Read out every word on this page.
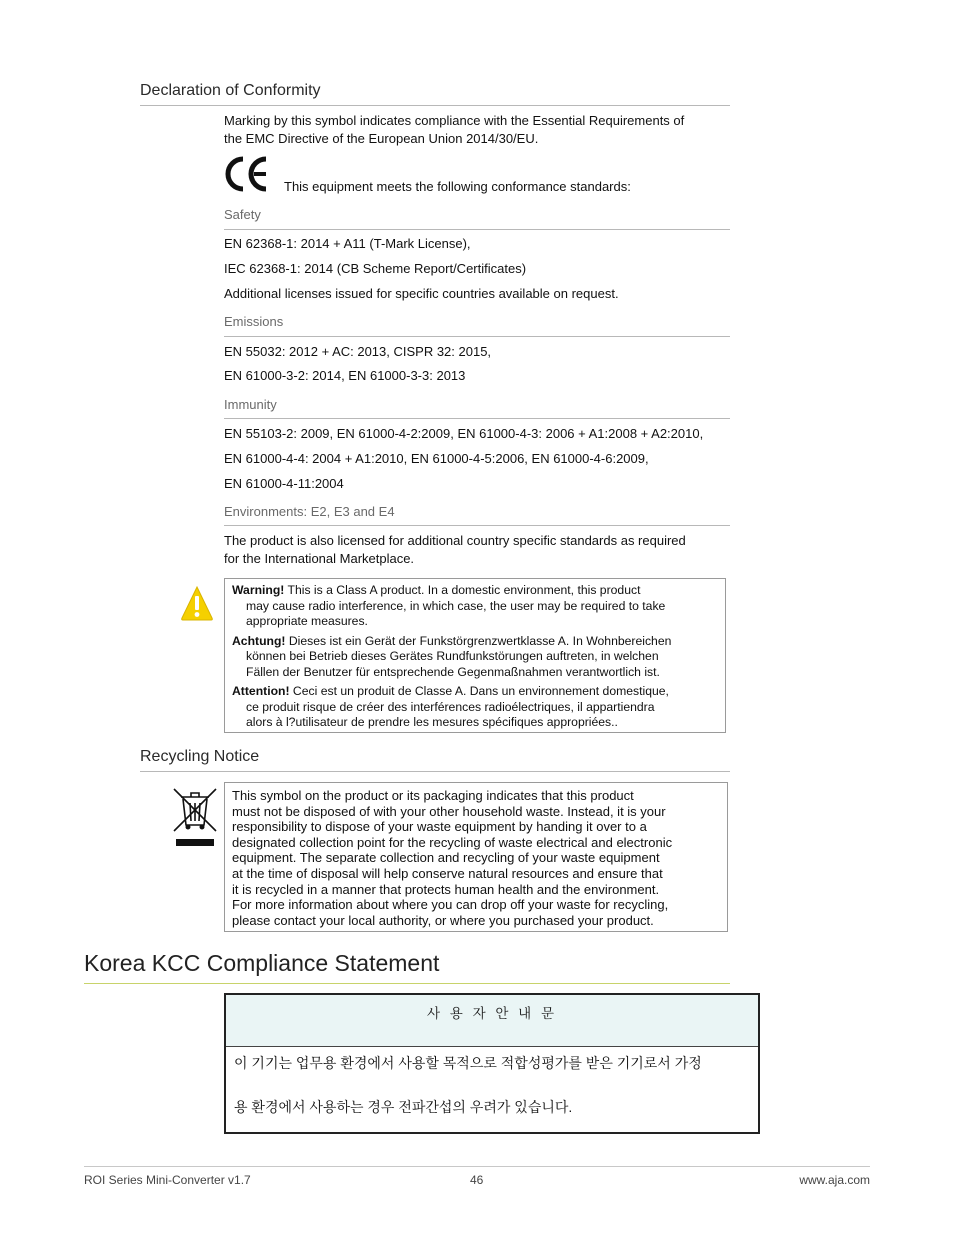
Declaration of Conformity
Marking by this symbol indicates compliance with the Essential Requirements of
the EMC Directive of the European Union 2014/30/EU.
This equipment meets the following conformance standards:
Safety
EN 62368-1: 2014 + A11 (T-Mark License),
IEC 62368-1: 2014 (CB Scheme Report/Certificates)
Additional licenses issued for specific countries available on request.
Emissions
EN 55032: 2012 + AC: 2013, CISPR 32: 2015,
EN 61000-3-2: 2014, EN 61000-3-3: 2013
Immunity
EN 55103-2: 2009, EN 61000-4-2:2009, EN 61000-4-3: 2006 + A1:2008 + A2:2010,
EN 61000-4-4: 2004 + A1:2010, EN 61000-4-5:2006, EN 61000-4-6:2009,
EN 61000-4-11:2004
Environments: E2, E3 and E4
The product is also licensed for additional country specific standards as required
for the International Marketplace.
Warning! This is a Class A product. In a domestic environment, this product
may cause radio interference, in which case, the user may be required to take
appropriate measures.
Achtung! Dieses ist ein Gerät der Funkstörgrenzwertklasse A. In Wohnbereichen
können bei Betrieb dieses Gerätes Rundfunkstörungen auftreten, in welchen
Fällen der Benutzer für entsprechende Gegenmaßnahmen verantwortlich ist.
Attention! Ceci est un produit de Classe A. Dans un environnement domestique,
ce produit risque de créer des interférences radioélectriques, il appartiendra
alors à l?utilisateur de prendre les mesures spécifiques appropriées..
Recycling Notice
This symbol on the product or its packaging indicates that this product
must not be disposed of with your other household waste. Instead, it is your
responsibility to dispose of your waste equipment by handing it over to a
designated collection point for the recycling of waste electrical and electronic
equipment. The separate collection and recycling of your waste equipment
at the time of disposal will help conserve natural resources and ensure that
it is recycled in a manner that protects human health and the environment.
For more information about where you can drop off your waste for recycling,
please contact your local authority, or where you purchased your product.
Korea KCC Compliance Statement
사 용 자 안 내 문
이 기기는 업무용 환경에서 사용할 목적으로 적합성평가를 받은 기기로서 가정
용 환경에서 사용하는 경우 전파간섭의 우려가 있습니다.
ROI Series Mini-Converter v1.7	46	www.aja.com
